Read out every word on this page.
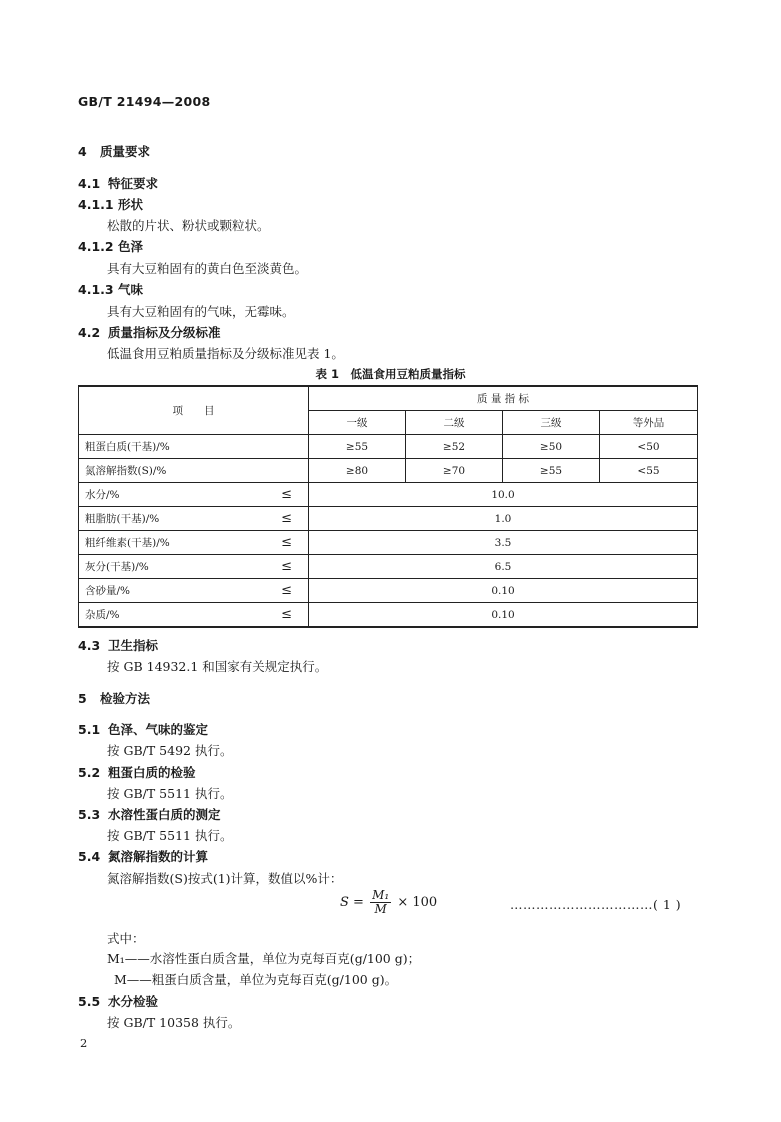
GB/T 21494—2008
4 质量要求
4.1 特征要求
4.1.1 形状
松散的片状、粉状或颗粒状。
4.1.2 色泽
具有大豆粕固有的黄白色至淡黄色。
4.1.3 气味
具有大豆粕固有的气味，无霉味。
4.2 质量指标及分级标准
低温食用豆粕质量指标及分级标准见表 1。
表 1　低温食用豆粕质量指标
项　　目	质 量 指 标			
	一级	二级	三级	等外品
粗蛋白质(干基)/%	≥55	≥52	≥50	<50
氮溶解指数(S)/%	≥80	≥70	≥55	<55
水分/% ≤	10.0			
粗脂肪(干基)/% ≤	1.0			
粗纤维素(干基)/% ≤	3.5			
灰分(干基)/% ≤	6.5			
含砂量/% ≤	0.10			
杂质/% ≤	0.10			
4.3 卫生指标
按 GB 14932.1 和国家有关规定执行。
5 检验方法
5.1 色泽、气味的鉴定
按 GB/T 5492 执行。
5.2 粗蛋白质的检验
按 GB/T 5511 执行。
5.3 水溶性蛋白质的测定
按 GB/T 5511 执行。
5.4 氮溶解指数的计算
氮溶解指数(S)按式(1)计算，数值以%计：
$S = \frac{\text{M₁}}{M} \times 100$	……………………………( 1 )
式中：
M₁——水溶性蛋白质含量，单位为克每百克(g/100 g)；
M——粗蛋白质含量，单位为克每百克(g/100 g)。
5.5 水分检验
按 GB/T 10358 执行。
2
